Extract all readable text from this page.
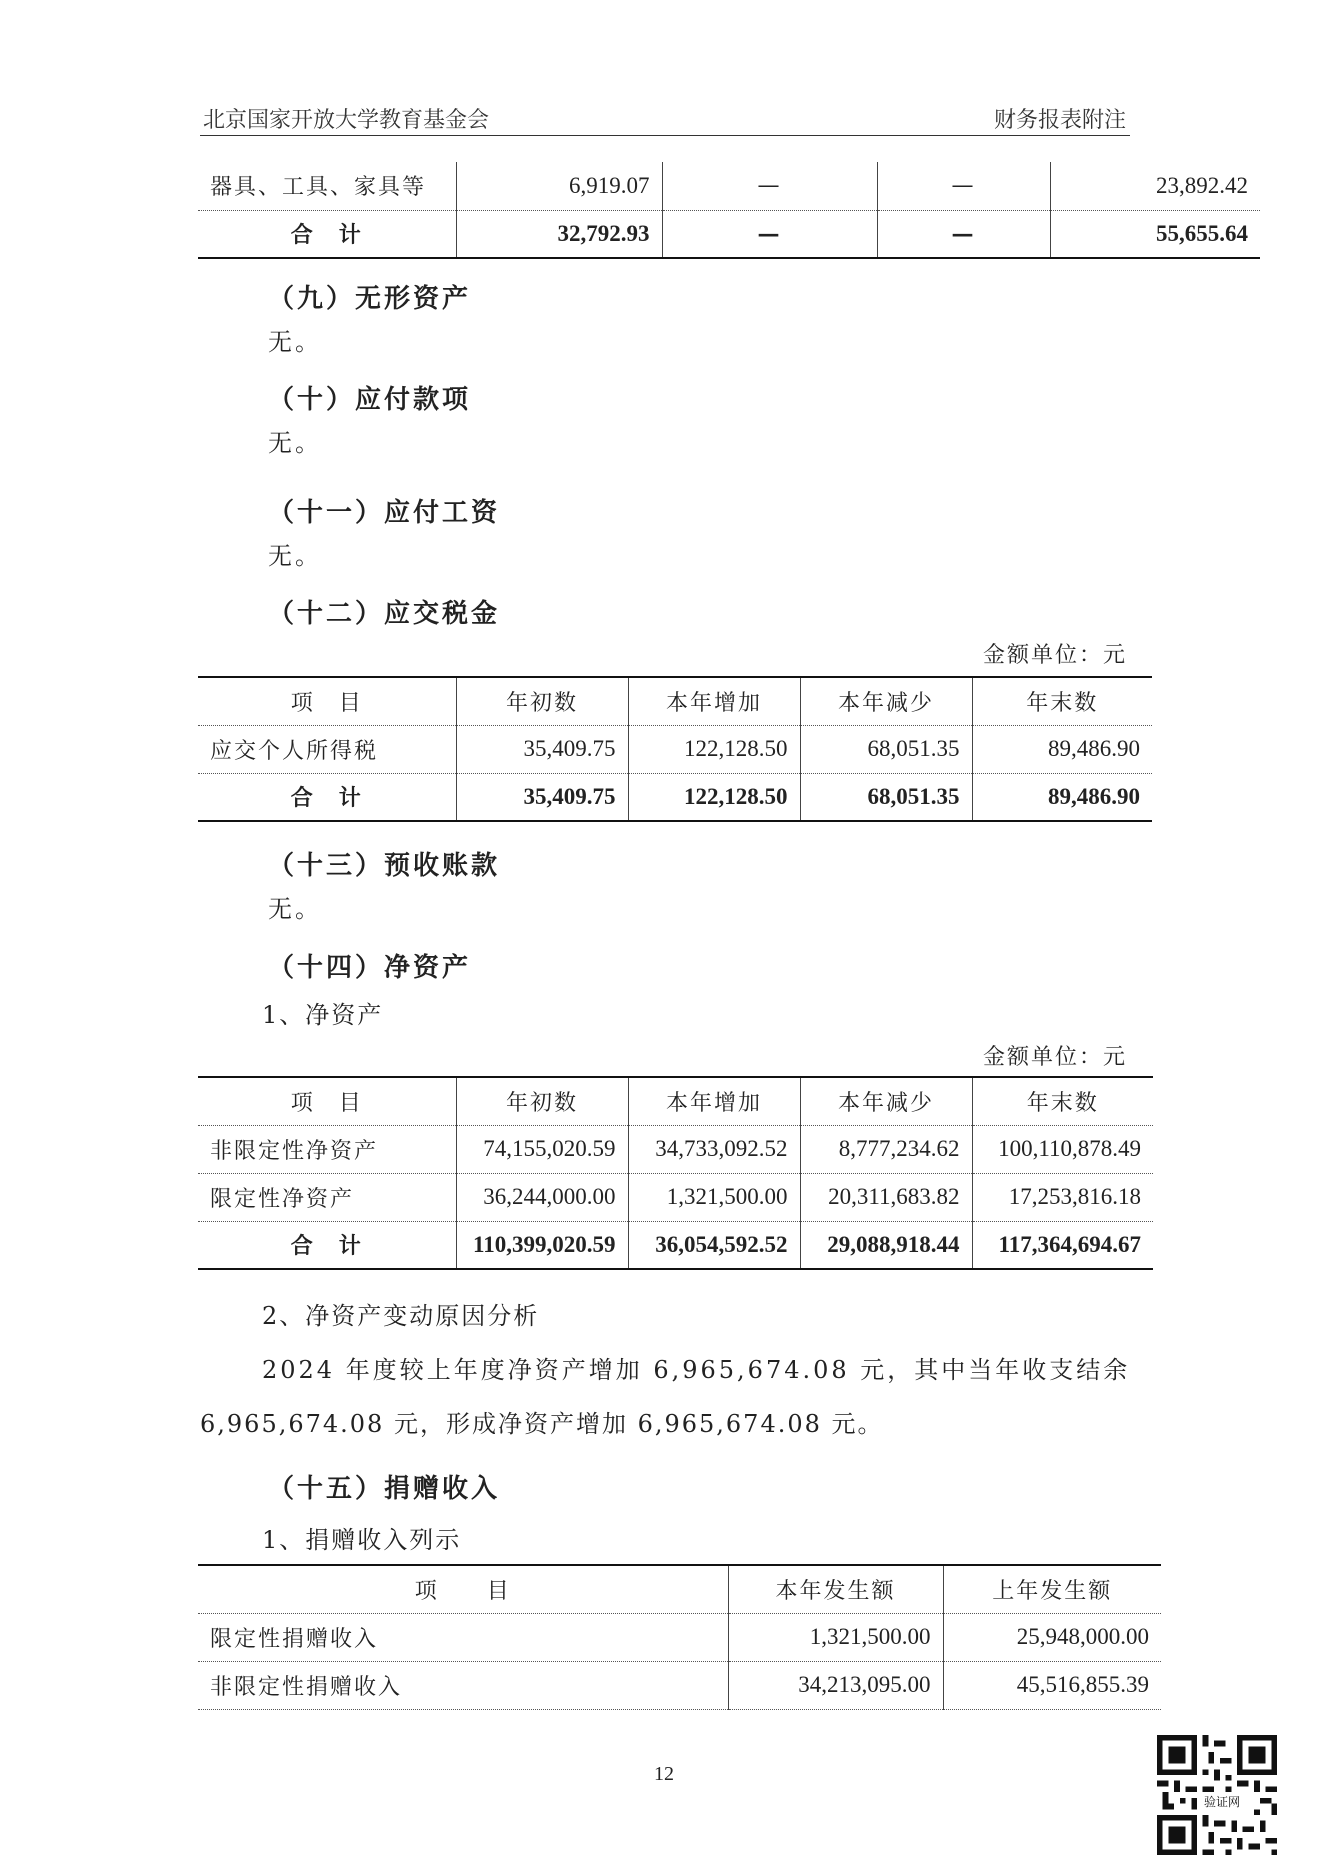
北京国家开放大学教育基金会	财务报表附注
器具、工具、家具等	6,919.07	—	—	23,892.42
合　计	32,792.93	—	—	55,655.64
（九）无形资产
无。
（十）应付款项
无。
（十一）应付工资
无。
（十二）应交税金
金额单位：元
项　目	年初数	本年增加	本年减少	年末数
应交个人所得税	35,409.75	122,128.50	68,051.35	89,486.90
合　计	35,409.75	122,128.50	68,051.35	89,486.90
（十三）预收账款
无。
（十四）净资产
1、净资产
金额单位：元
项　目	年初数	本年增加	本年减少	年末数
非限定性净资产	74,155,020.59	34,733,092.52	8,777,234.62	100,110,878.49
限定性净资产	36,244,000.00	1,321,500.00	20,311,683.82	17,253,816.18
合　计	110,399,020.59	36,054,592.52	29,088,918.44	117,364,694.67
2、净资产变动原因分析
2024 年度较上年度净资产增加 6,965,674.08 元，其中当年收支结余
6,965,674.08 元，形成净资产增加 6,965,674.08 元。
（十五）捐赠收入
1、捐赠收入列示
项　　目	本年发生额	上年发生额
限定性捐赠收入	1,321,500.00	25,948,000.00
非限定性捐赠收入	34,213,095.00	45,516,855.39
12
验证网
